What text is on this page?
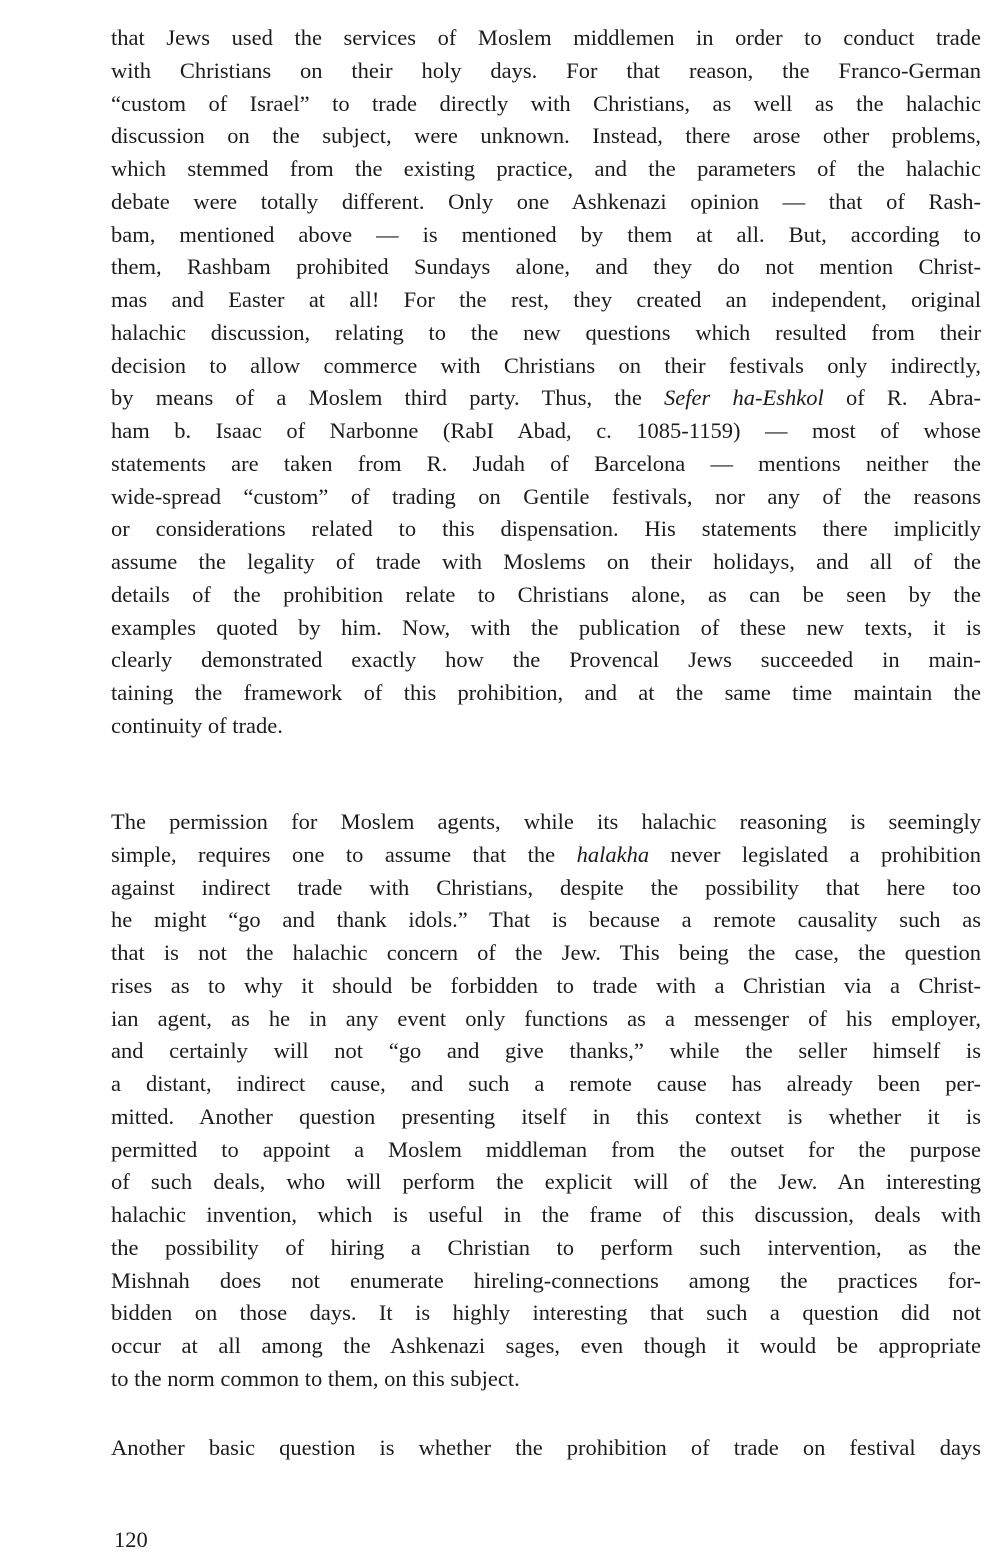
that Jews used the services of Moslem middlemen in order to conduct trade
with Christians on their holy days. For that reason, the Franco-German
“custom of Israel” to trade directly with Christians, as well as the halachic
discussion on the subject, were unknown. Instead, there arose other problems,
which stemmed from the existing practice, and the parameters of the halachic
debate were totally different. Only one Ashkenazi opinion — that of Rash-
bam, mentioned above — is mentioned by them at all. But, according to
them, Rashbam prohibited Sundays alone, and they do not mention Christ-
mas and Easter at all! For the rest, they created an independent, original
halachic discussion, relating to the new questions which resulted from their
decision to allow commerce with Christians on their festivals only indirectly,
by means of a Moslem third party. Thus, the Sefer ha-Eshkol of R. Abra-
ham b. Isaac of Narbonne (RabI Abad, c. 1085-1159) — most of whose
statements are taken from R. Judah of Barcelona — mentions neither the
wide-spread “custom” of trading on Gentile festivals, nor any of the reasons
or considerations related to this dispensation. His statements there implicitly
assume the legality of trade with Moslems on their holidays, and all of the
details of the prohibition relate to Christians alone, as can be seen by the
examples quoted by him. Now, with the publication of these new texts, it is
clearly demonstrated exactly how the Provencal Jews succeeded in main-
taining the framework of this prohibition, and at the same time maintain the
continuity of trade.
The permission for Moslem agents, while its halachic reasoning is seemingly
simple, requires one to assume that the halakha never legislated a prohibition
against indirect trade with Christians, despite the possibility that here too
he might “go and thank idols.” That is because a remote causality such as
that is not the halachic concern of the Jew. This being the case, the question
rises as to why it should be forbidden to trade with a Christian via a Christ-
ian agent, as he in any event only functions as a messenger of his employer,
and certainly will not “go and give thanks,” while the seller himself is
a distant, indirect cause, and such a remote cause has already been per-
mitted. Another question presenting itself in this context is whether it is
permitted to appoint a Moslem middleman from the outset for the purpose
of such deals, who will perform the explicit will of the Jew. An interesting
halachic invention, which is useful in the frame of this discussion, deals with
the possibility of hiring a Christian to perform such intervention, as the
Mishnah does not enumerate hireling-connections among the practices for-
bidden on those days. It is highly interesting that such a question did not
occur at all among the Ashkenazi sages, even though it would be appropriate
to the norm common to them, on this subject.
Another basic question is whether the prohibition of trade on festival days
120
